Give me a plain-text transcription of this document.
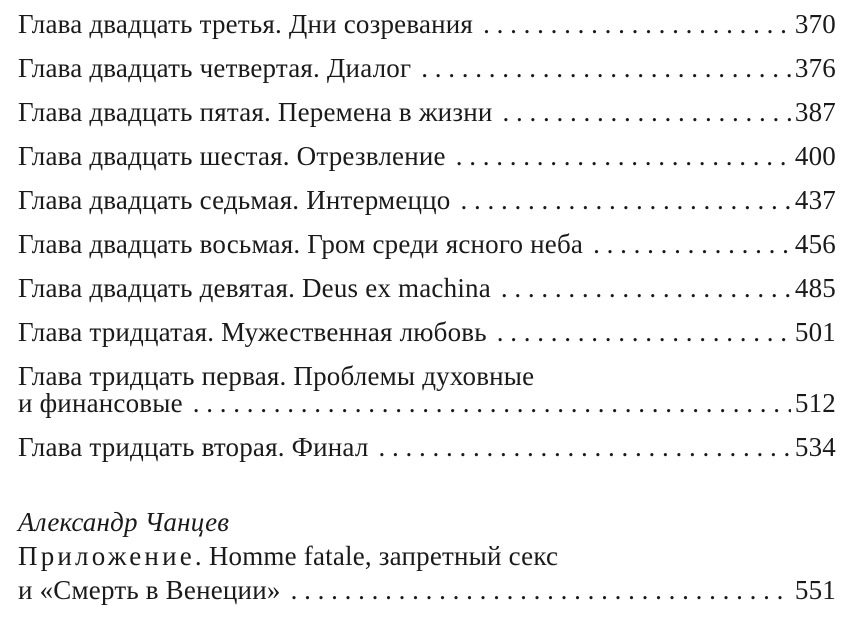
Глава двадцать третья. Дни созревания . . .	370
Глава двадцать четвертая. Диалог . . .	376
Глава двадцать пятая. Перемена в жизни . . .	387
Глава двадцать шестая. Отрезвление . . .	400
Глава двадцать седьмая. Интермеццо . . .	437
Глава двадцать восьмая. Гром среди ясного неба . . .	456
Глава двадцать девятая. Deus ex machina . . .	485
Глава тридцатая. Мужественная любовь . . .	501
Глава тридцать первая. Проблемы духовные
и финансовые . . .	512
Глава тридцать вторая. Финал . . .	534
Александр Чанцев
Приложение. Homme fatale, запретный секс
и «Смерть в Венеции» . . .	551
